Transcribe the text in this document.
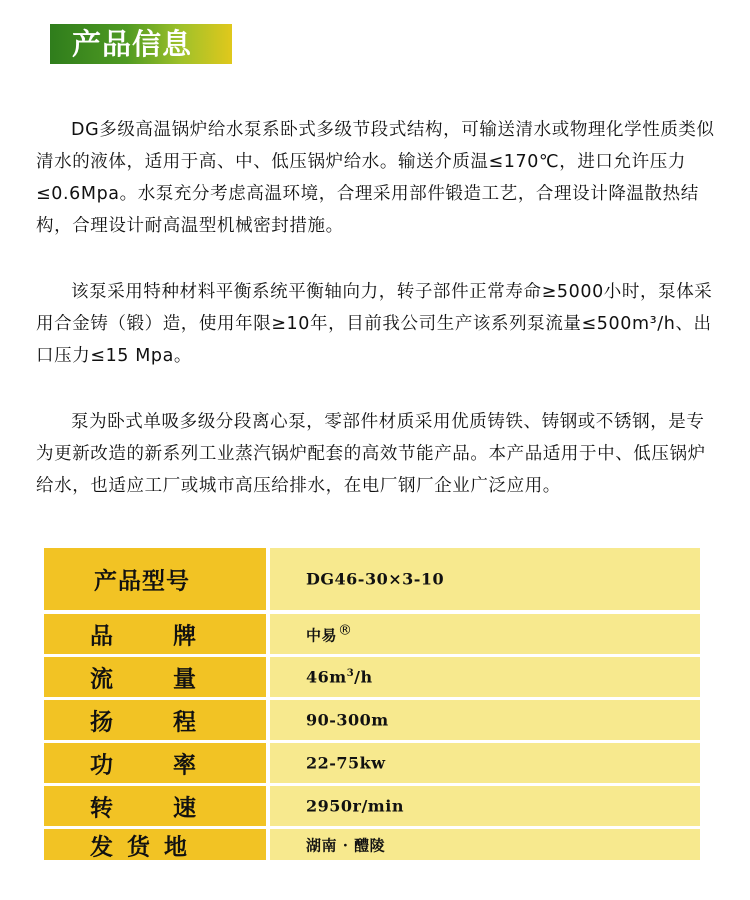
产品信息

DG多级高温锅炉给水泵系卧式多级节段式结构，可输送清水或物理化学性质类似清水的液体，适用于高、中、低压锅炉给水。输送介质温≤170℃，进口允许压力≤0.6Mpa。水泵充分考虑高温环境，合理采用部件锻造工艺，合理设计降温散热结构，合理设计耐高温型机械密封措施。

该泵采用特种材料平衡系统平衡轴向力，转子部件正常寿命≥5000小时，泵体采用合金铸（锻）造，使用年限≥10年，目前我公司生产该系列泵流量≤500m³/h、出口压力≤15 Mpa。

泵为卧式单吸多级分段离心泵，零部件材质采用优质铸铁、铸钢或不锈钢，是专为更新改造的新系列工业蒸汽锅炉配套的高效节能产品。本产品适用于中、低压锅炉给水，也适应工厂或城市高压给排水，在电厂钢厂企业广泛应用。

产品型号	DG46-30×3-10
品牌	中易®
流量	$46m^3/h$
扬程	90-300m
功率	22-75kw
转速	2950r/min
发货地	湖南 · 醴陵
